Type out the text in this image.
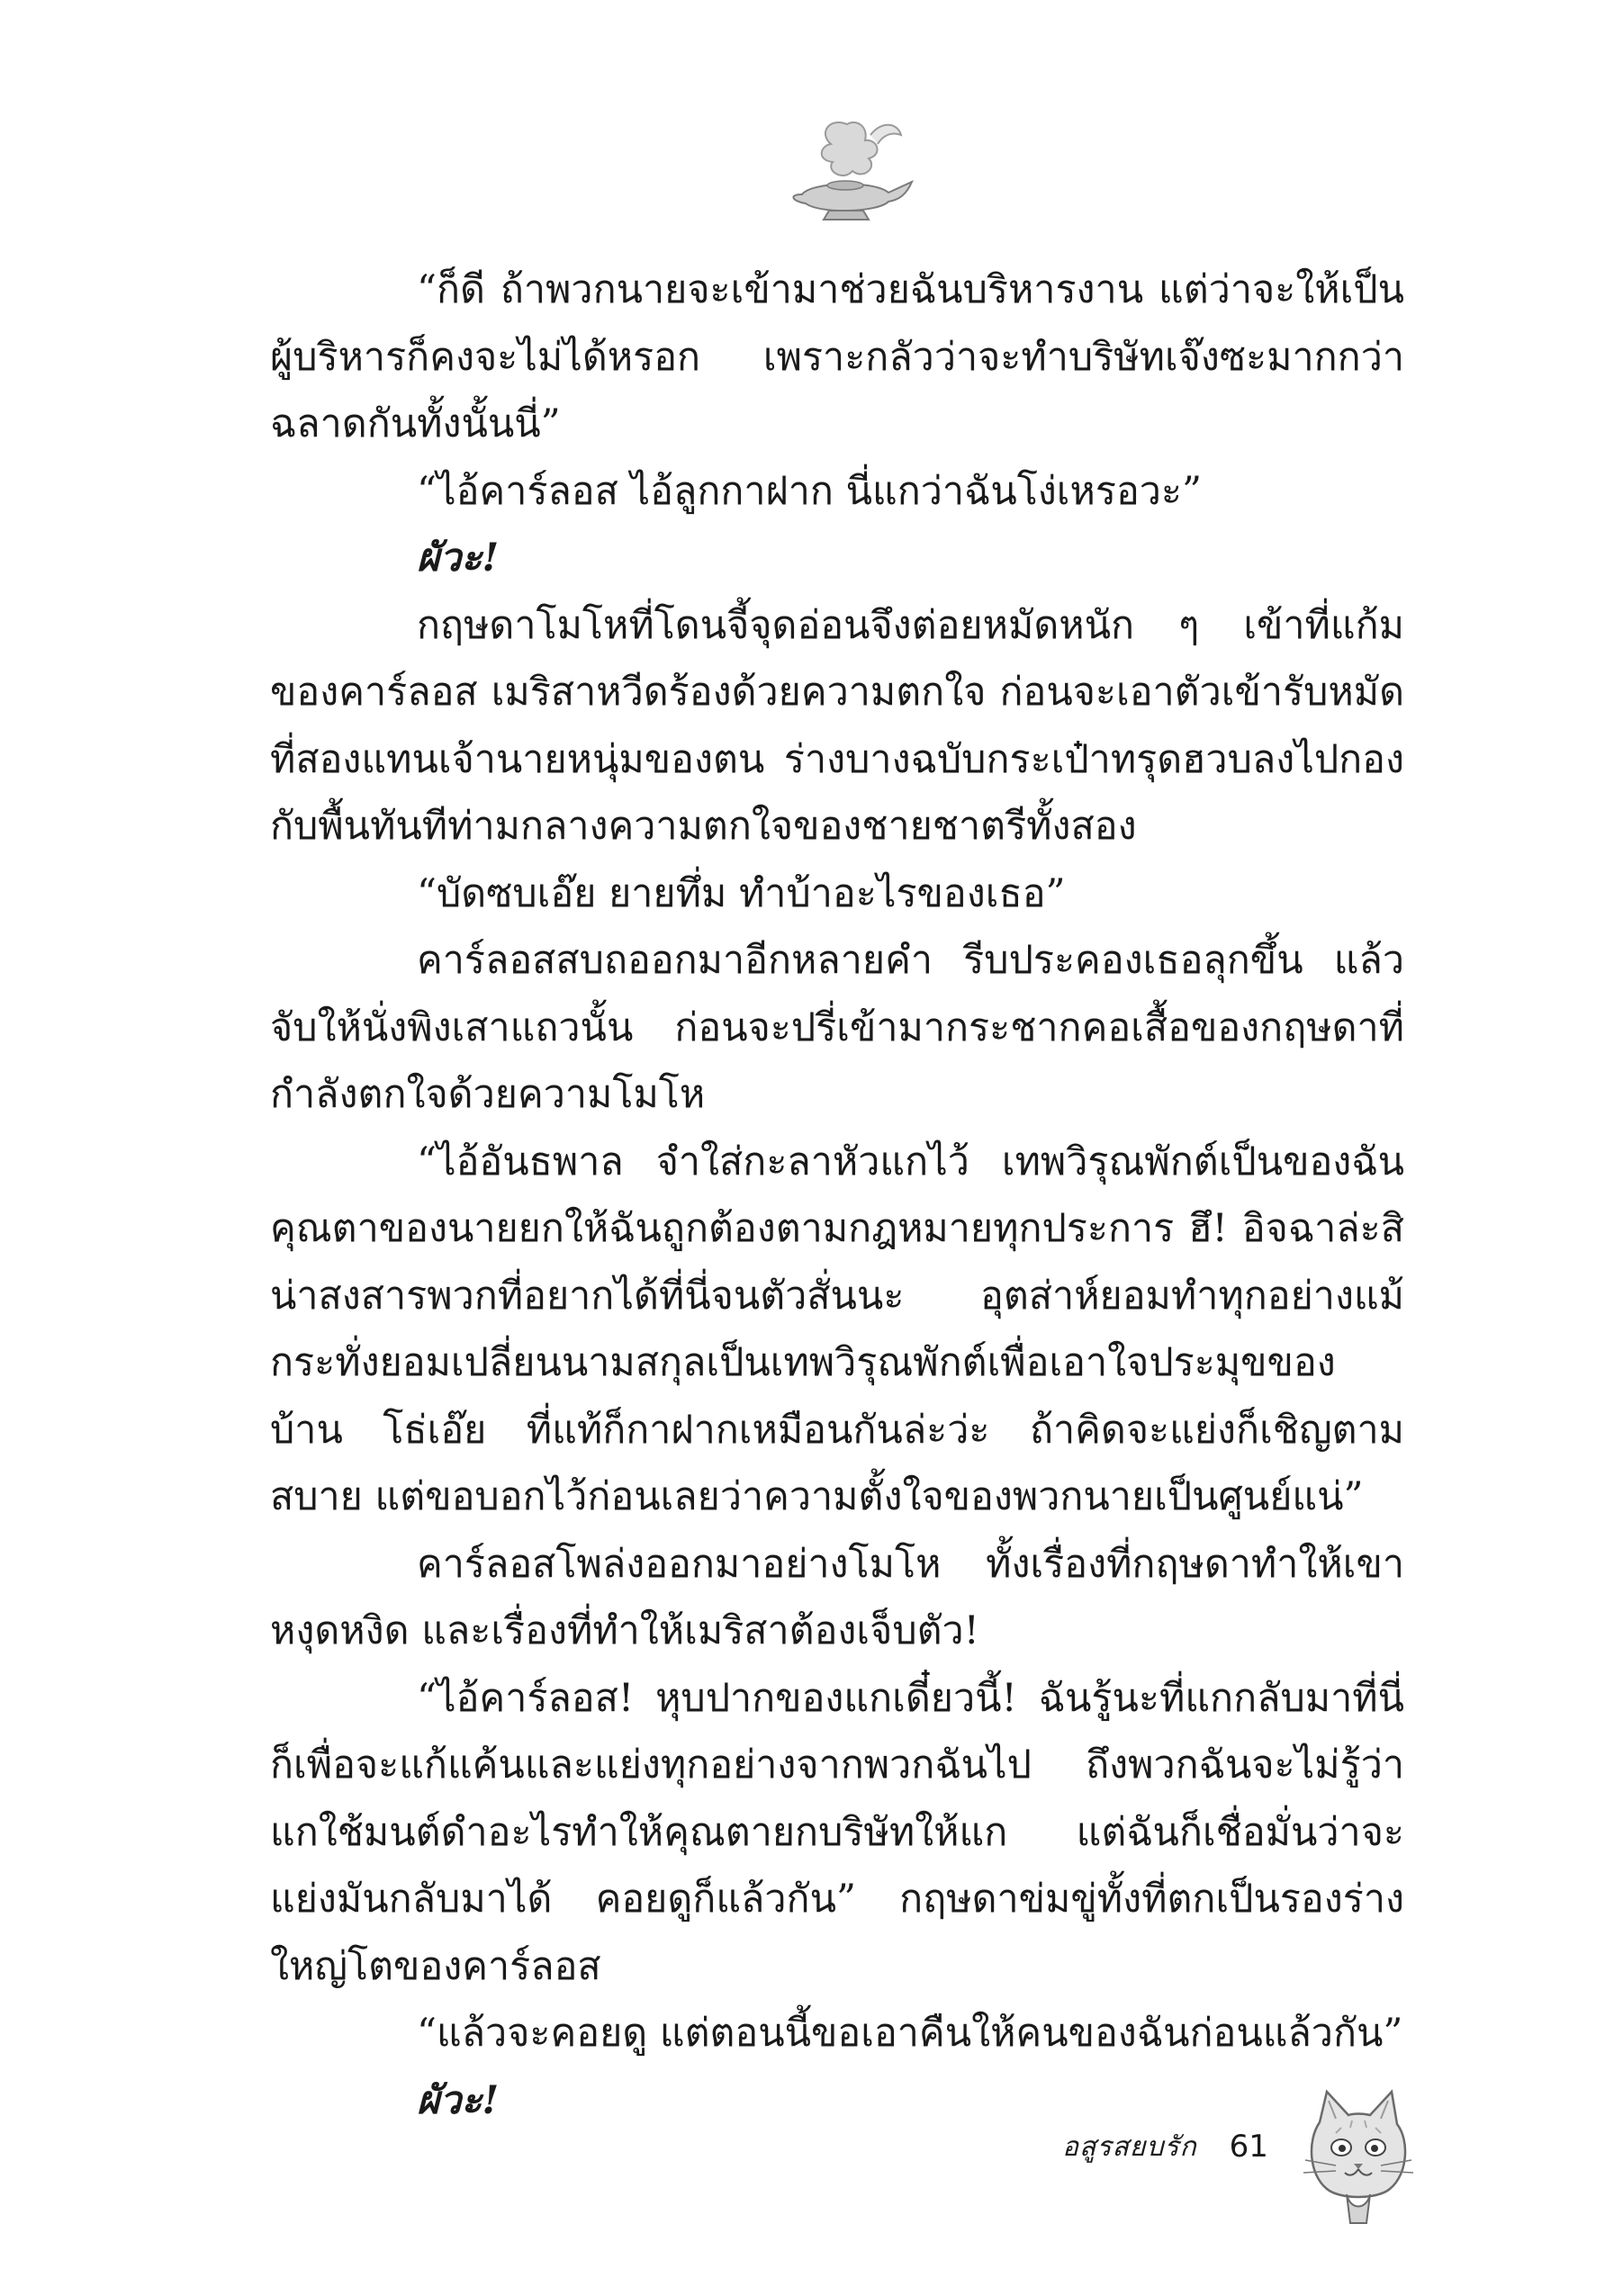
“ก็ดี ถ้าพวกนายจะเข้ามาช่วยฉันบริหารงาน แต่ว่าจะให้เป็นผู้บริหารก็คงจะไม่ได้หรอก เพราะกลัวว่าจะทำบริษัทเจ๊งซะมากกว่า ฉลาดกันทั้งนั้นนี่”

“ไอ้คาร์ลอส ไอ้ลูกกาฝาก นี่แกว่าฉันโง่เหรอวะ”

ผัวะ!

กฤษดาโมโหที่โดนจี้จุดอ่อนจึงต่อยหมัดหนัก ๆ เข้าที่แก้มของคาร์ลอส เมริสาหวีดร้องด้วยความตกใจ ก่อนจะเอาตัวเข้ารับหมัดที่สองแทนเจ้านายหนุ่มของตน ร่างบางฉบับกระเป๋าทรุดฮวบลงไปกองกับพื้นทันทีท่ามกลางความตกใจของชายชาตรีทั้งสอง

“บัดซบเอ๊ย ยายทึ่ม ทำบ้าอะไรของเธอ”

คาร์ลอสสบถออกมาอีกหลายคำ รีบประคองเธอลุกขึ้น แล้วจับให้นั่งพิงเสาแถวนั้น ก่อนจะปรี่เข้ามากระชากคอเสื้อของกฤษดาที่กำลังตกใจด้วยความโมโห

“ไอ้อันธพาล จำใส่กะลาหัวแกไว้ เทพวิรุณพักต์เป็นของฉัน คุณตาของนายยกให้ฉันถูกต้องตามกฎหมายทุกประการ ฮึ! อิจฉาล่ะสิ น่าสงสารพวกที่อยากได้ที่นี่จนตัวสั่นนะ อุตส่าห์ยอมทำทุกอย่างแม้กระทั่งยอมเปลี่ยนนามสกุลเป็นเทพวิรุณพักต์เพื่อเอาใจประมุขของบ้าน โธ่เอ๊ย ที่แท้ก็กาฝากเหมือนกันล่ะว่ะ ถ้าคิดจะแย่งก็เชิญตามสบาย แต่ขอบอกไว้ก่อนเลยว่าความตั้งใจของพวกนายเป็นศูนย์แน่”

คาร์ลอสโพล่งออกมาอย่างโมโห ทั้งเรื่องที่กฤษดาทำให้เขาหงุดหงิด และเรื่องที่ทำให้เมริสาต้องเจ็บตัว!

“ไอ้คาร์ลอส! หุบปากของแกเดี๋ยวนี้! ฉันรู้นะที่แกกลับมาที่นี่ก็เพื่อจะแก้แค้นและแย่งทุกอย่างจากพวกฉันไป ถึงพวกฉันจะไม่รู้ว่าแกใช้มนต์ดำอะไรทำให้คุณตายกบริษัทให้แก แต่ฉันก็เชื่อมั่นว่าจะแย่งมันกลับมาได้ คอยดูก็แล้วกัน” กฤษดาข่มขู่ทั้งที่ตกเป็นรองร่างใหญ่โตของคาร์ลอส

“แล้วจะคอยดู แต่ตอนนี้ขอเอาคืนให้คนของฉันก่อนแล้วกัน”

ผัวะ!

อสูรสยบรัก 61
